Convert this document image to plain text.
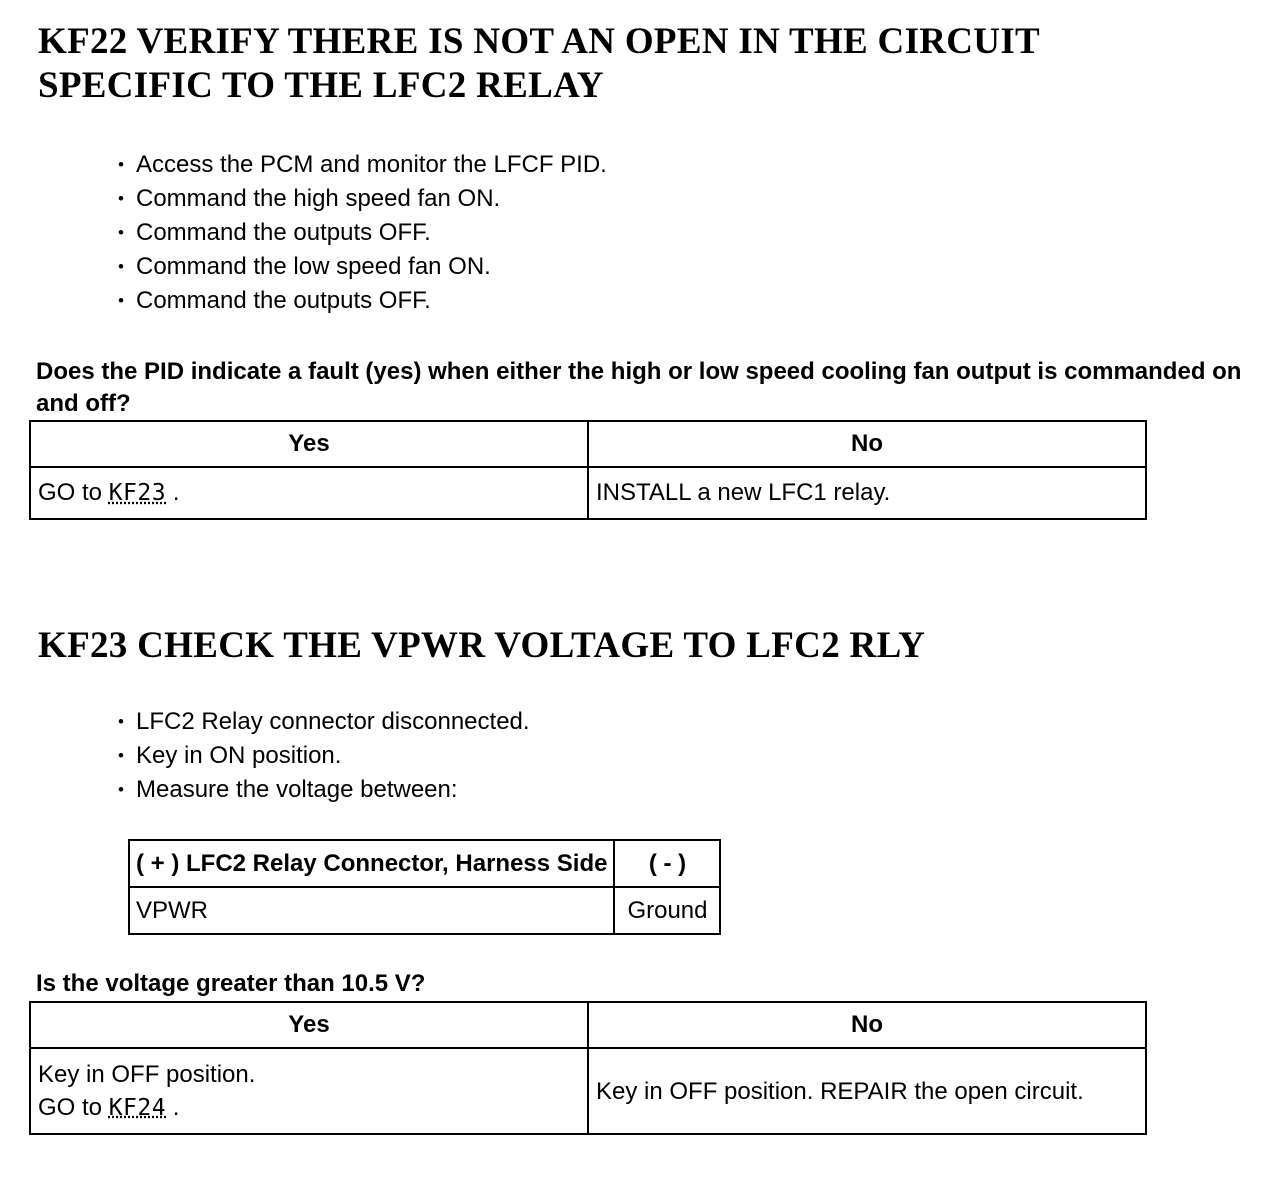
KF22 VERIFY THERE IS NOT AN OPEN IN THE CIRCUIT SPECIFIC TO THE LFC2 RELAY
• Access the PCM and monitor the LFCF PID.
• Command the high speed fan ON.
• Command the outputs OFF.
• Command the low speed fan ON.
• Command the outputs OFF.

Does the PID indicate a fault (yes) when either the high or low speed cooling fan output is commanded on and off?

Yes	No
GO to KF23 .	INSTALL a new LFC1 relay.
KF23 CHECK THE VPWR VOLTAGE TO LFC2 RLY
• LFC2 Relay connector disconnected.
• Key in ON position.
• Measure the voltage between:
( + ) LFC2 Relay Connector, Harness Side	( - )
VPWR	Ground

Is the voltage greater than 10.5 V?

Yes	No
Key in OFF position.
GO to KF24 .	Key in OFF position. REPAIR the open circuit.
